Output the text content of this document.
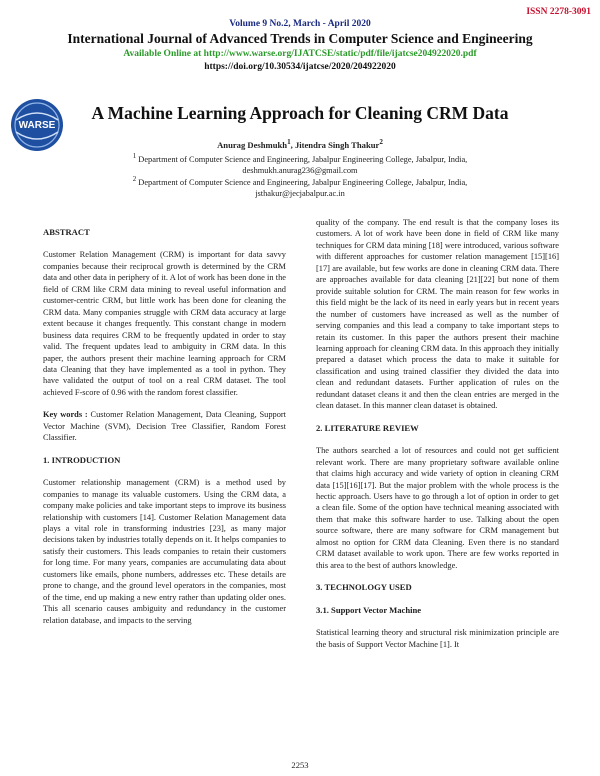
ISSN 2278-3091
Volume 9 No.2, March - April 2020
International Journal of Advanced Trends in Computer Science and Engineering
Available Online at http://www.warse.org/IJATCSE/static/pdf/file/ijatcse204922020.pdf
https://doi.org/10.30534/ijatcse/2020/204922020
WARSE
A Machine Learning Approach for Cleaning CRM Data
Anurag Deshmukh$^1$, Jitendra Singh Thakur$^2$
$^1$ Department of Computer Science and Engineering, Jabalpur Engineering College, Jabalpur, India,
deshmukh.anurag236@gmail.com
$^2$ Department of Computer Science and Engineering, Jabalpur Engineering College, Jabalpur, India,
jsthakur@jecjabalpur.ac.in

ABSTRACT

Customer Relation Management (CRM) is important for data savvy companies because their reciprocal growth is determined by the CRM data and other data in periphery of it. A lot of work has been done in the field of CRM like CRM data mining to reveal useful information and customer-centric CRM, but little work has been done for cleaning the CRM data. Many companies struggle with CRM data accuracy at large extent because it changes frequently. This constant change in modern business data requires CRM to be frequently updated in order to stay valid. The frequent updates lead to ambiguity in CRM data. In this paper, the authors present their machine learning approach for CRM data Cleaning that they have implemented as a tool in python. They have validated the output of tool on a real CRM dataset. The tool achieved F-score of 0.96 with the random forest classifier.

Key words : Customer Relation Management, Data Cleaning, Support Vector Machine (SVM), Decision Tree Classifier, Random Forest Classifier.

1. INTRODUCTION

Customer relationship management (CRM) is a method used by companies to manage its valuable customers. Using the CRM data, a company make policies and take important steps to improve its business relationship with customers [14]. Customer Relation Management data plays a vital role in transforming industries [23], as many major decisions taken by industries totally depends on it. It helps companies to satisfy their customers. This leads companies to retain their customers for long time. For many years, companies are accumulating data about customers like emails, phone numbers, addresses etc. These details are prone to change, and the ground level operators in the companies, most of the time, end up making a new entry rather than updating older ones. This all scenario causes ambiguity and redundancy in the customer relation database, and impacts to the serving

quality of the company. The end result is that the company loses its customers. A lot of work have been done in field of CRM like many techniques for CRM data mining [18] were introduced, various software with different approaches for customer relation management [15][16][17] are available, but few works are done in cleaning CRM data. There are approaches available for data cleaning [21][22] but none of them provide suitable solution for CRM. The main reason for few works in this field might be the lack of its need in early years but in recent years the number of customers have increased as well as the number of serving companies and this lead a company to take important steps to retain its customer. In this paper the authors present their machine learning approach for cleaning CRM data. In this approach they initially prepared a dataset which process the data to make it suitable for classification and using trained classifier they divided the data into clean and redundant datasets. Further application of rules on the redundant dataset cleans it and then the clean entries are merged in the clean dataset. In this manner clean dataset is obtained.

2. LITERATURE REVIEW

The authors searched a lot of resources and could not get sufficient relevant work. There are many proprietary software available online that claims high accuracy and wide variety of option in cleaning CRM data [15][16][17]. But the major problem with the whole process is the hectic approach. Users have to go through a lot of option in order to get a clean file. Some of the option have technical meaning associated with them that make this software harder to use. Talking about the open source software, there are many software for CRM management but almost no option for CRM data Cleaning. Even there is no standard CRM dataset available to work upon. There are few works reported in this area to the best of authors knowledge.

3. TECHNOLOGY USED

3.1. Support Vector Machine

Statistical learning theory and structural risk minimization principle are the basis of Support Vector Machine [1]. It

2253
